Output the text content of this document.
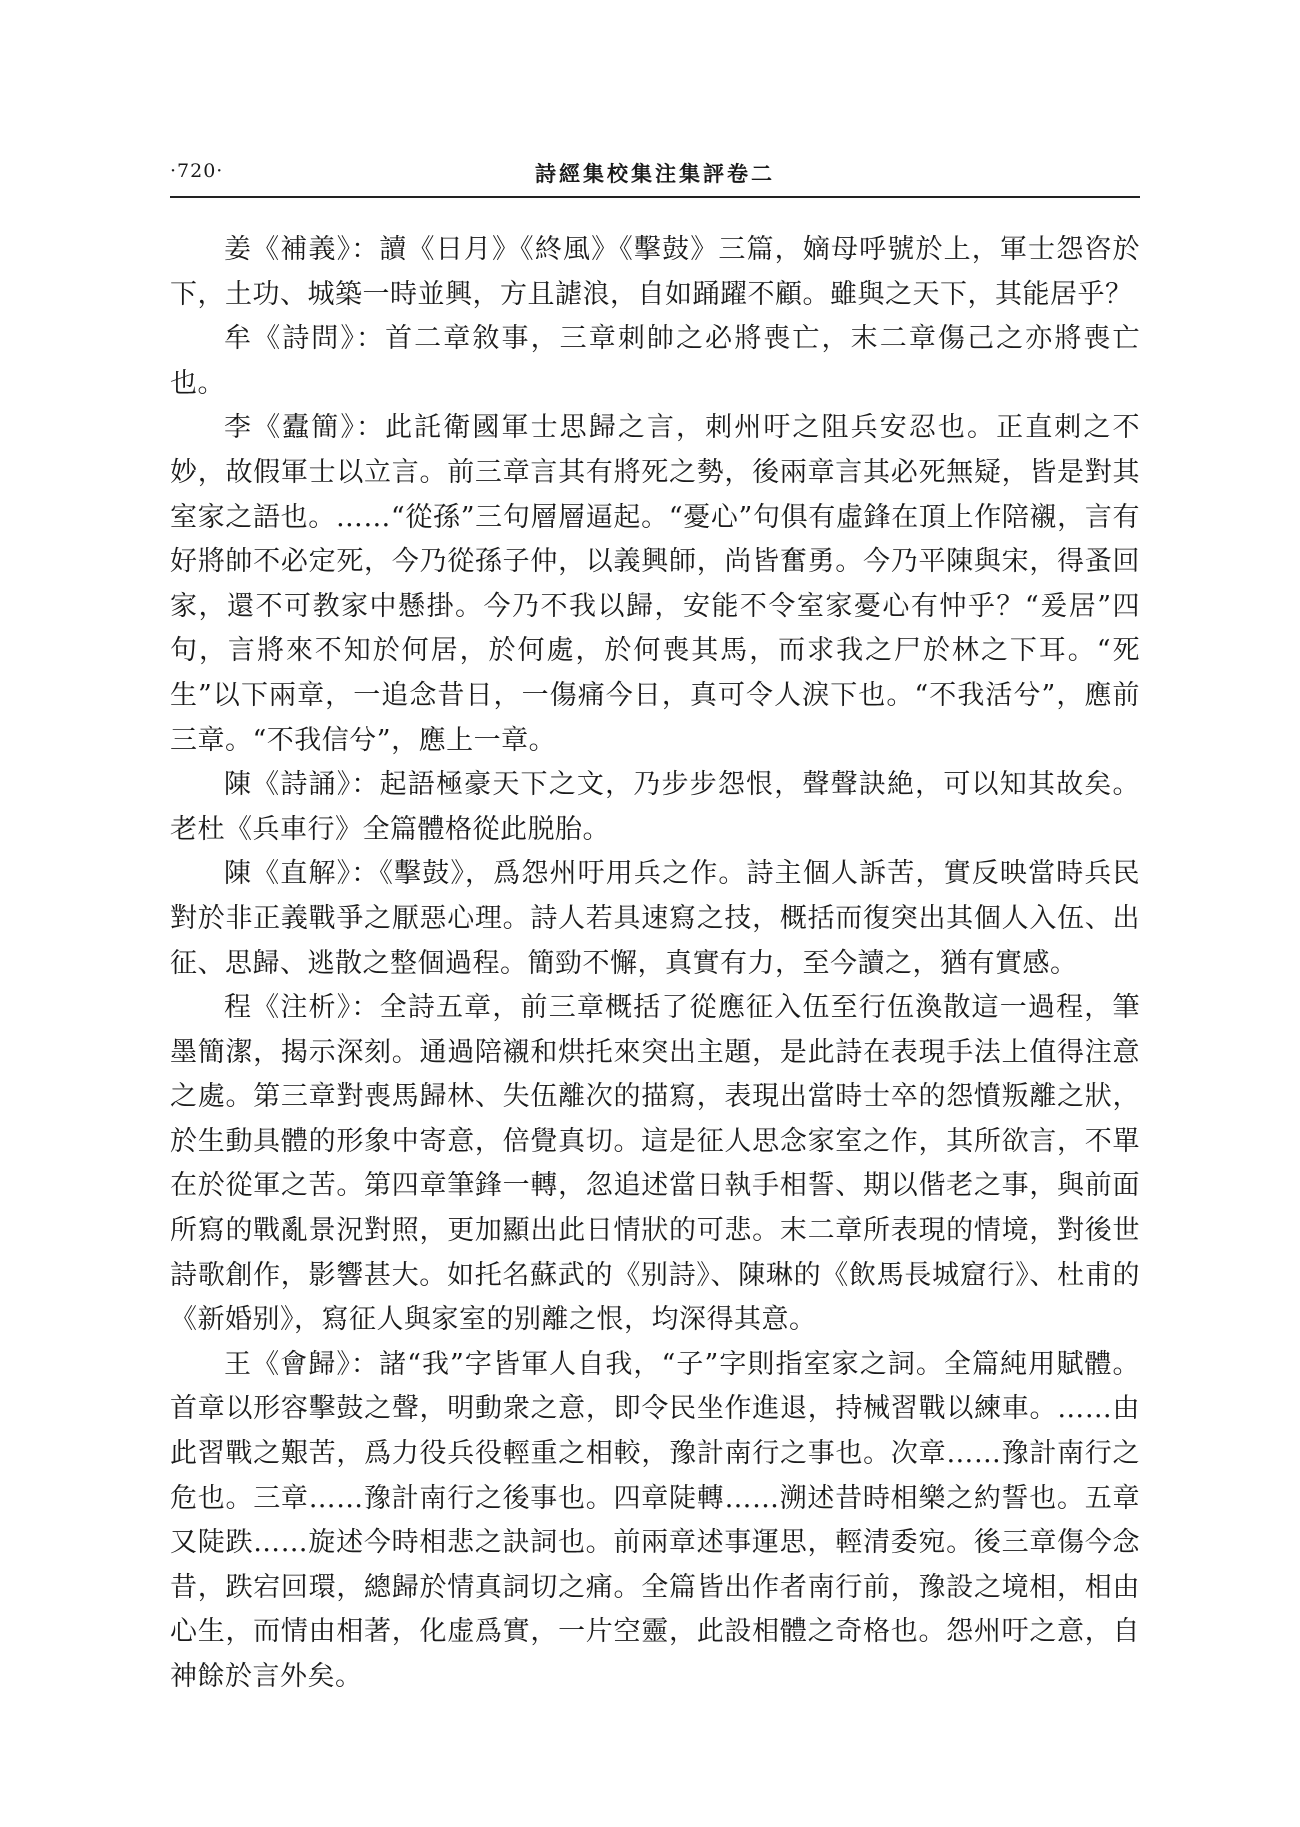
·720·	詩經集校集注集評卷二

姜《補義》：讀《日月》《終風》《擊鼓》三篇，嫡母呼號於上，軍士怨咨於下，土功、城築一時並興，方且謔浪，自如踊躍不顧。雖與之天下，其能居乎？

牟《詩問》：首二章敘事，三章刺帥之必將喪亡，末二章傷己之亦將喪亡也。

李《蠹簡》：此託衛國軍士思歸之言，刺州吁之阻兵安忍也。正直刺之不妙，故假軍士以立言。前三章言其有將死之勢，後兩章言其必死無疑，皆是對其室家之語也。……“從孫”三句層層逼起。“憂心”句俱有虛鋒在頂上作陪襯，言有好將帥不必定死，今乃從孫子仲，以義興師，尚皆奮勇。今乃平陳與宋，得蚤回家，還不可教家中懸掛。今乃不我以歸，安能不令室家憂心有忡乎？“爰居”四句，言將來不知於何居，於何處，於何喪其馬，而求我之尸於林之下耳。“死生”以下兩章，一追念昔日，一傷痛今日，真可令人淚下也。“不我活兮”，應前三章。“不我信兮”，應上一章。

陳《詩誦》：起語極豪天下之文，乃步步怨恨，聲聲訣絶，可以知其故矣。老杜《兵車行》全篇體格從此脱胎。

陳《直解》：《擊鼓》，爲怨州吁用兵之作。詩主個人訴苦，實反映當時兵民對於非正義戰爭之厭惡心理。詩人若具速寫之技，概括而復突出其個人入伍、出征、思歸、逃散之整個過程。簡勁不懈，真實有力，至今讀之，猶有實感。

程《注析》：全詩五章，前三章概括了從應征入伍至行伍渙散這一過程，筆墨簡潔，揭示深刻。通過陪襯和烘托來突出主題，是此詩在表現手法上值得注意之處。第三章對喪馬歸林、失伍離次的描寫，表現出當時士卒的怨憤叛離之狀，於生動具體的形象中寄意，倍覺真切。這是征人思念家室之作，其所欲言，不單在於從軍之苦。第四章筆鋒一轉，忽追述當日執手相誓、期以偕老之事，與前面所寫的戰亂景況對照，更加顯出此日情狀的可悲。末二章所表現的情境，對後世詩歌創作，影響甚大。如托名蘇武的《别詩》、陳琳的《飲馬長城窟行》、杜甫的《新婚别》，寫征人與家室的别離之恨，均深得其意。

王《會歸》：諸“我”字皆軍人自我，“子”字則指室家之詞。全篇純用賦體。首章以形容擊鼓之聲，明動衆之意，即令民坐作進退，持械習戰以練車。……由此習戰之艱苦，爲力役兵役輕重之相較，豫計南行之事也。次章……豫計南行之危也。三章……豫計南行之後事也。四章陡轉……溯述昔時相樂之約誓也。五章又陡跌……旋述今時相悲之訣詞也。前兩章述事運思，輕清委宛。後三章傷今念昔，跌宕回環，總歸於情真詞切之痛。全篇皆出作者南行前，豫設之境相，相由心生，而情由相著，化虚爲實，一片空靈，此設相體之奇格也。怨州吁之意，自神餘於言外矣。
